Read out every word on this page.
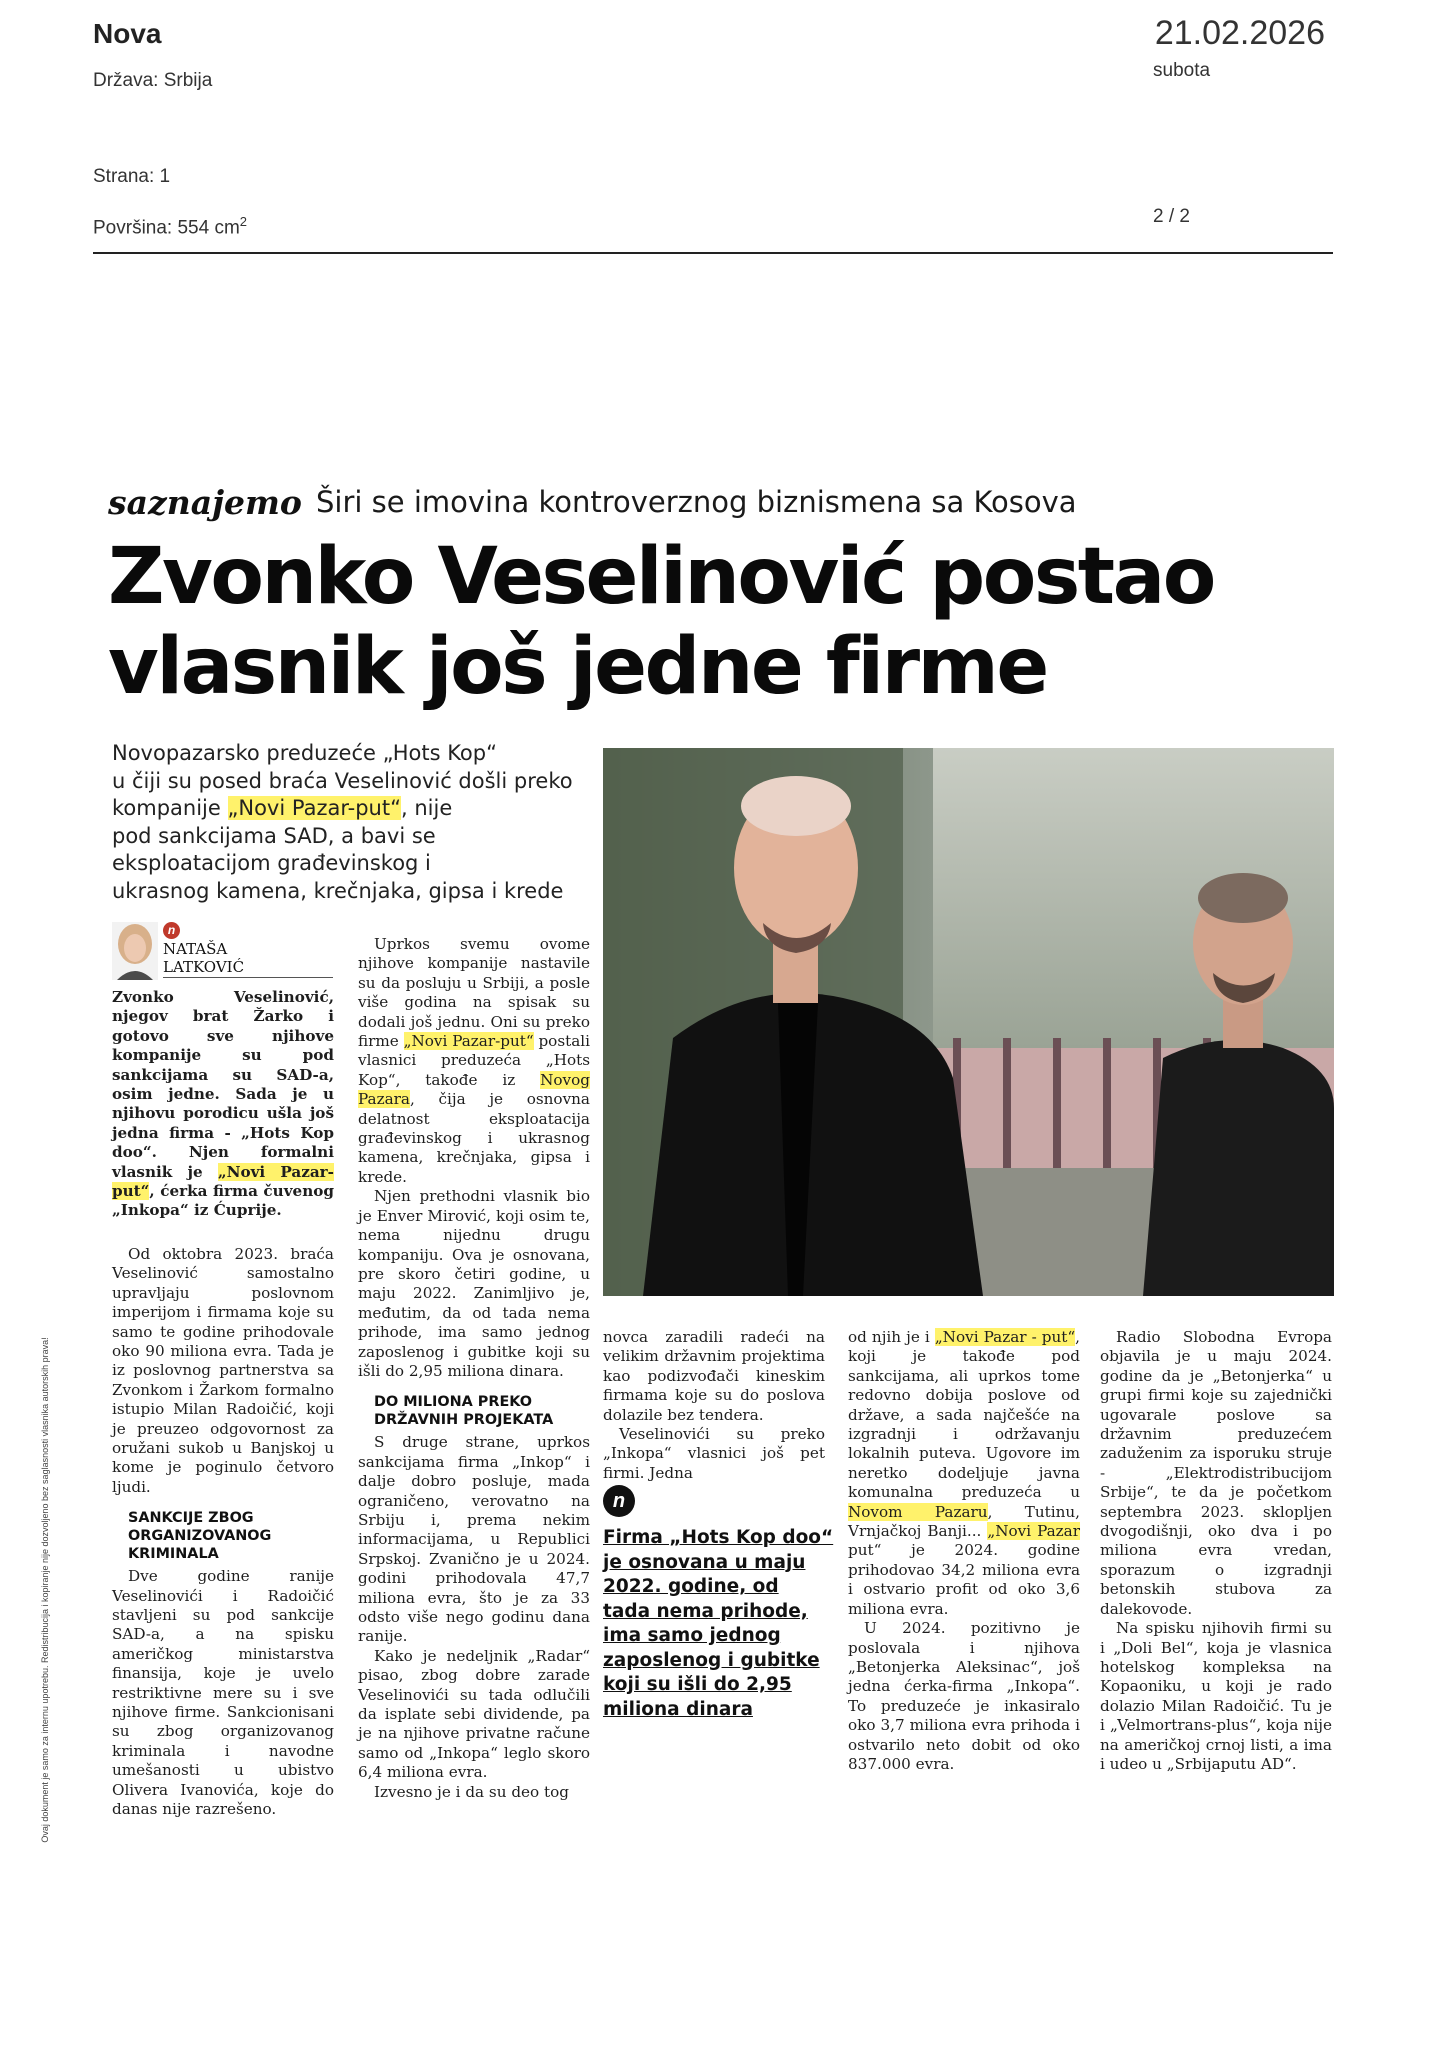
Nova
Država: Srbija
Strana: 1
Površina: 554 $cm^2$
21.02.2026
subota
2 / 2
Ovaj dokument je samo za internu upotrebu. Redistribucija i kopiranje nije dozvoljeno bez saglasnosti vlasnika autorskih prava!
saznajemo Širi se imovina kontroverznog biznismena sa Kosova
Zvonko Veselinović postao
vlasnik još jedne firme
Novopazarsko preduzeće „Hots Kop“
u čiji su posed braća Veselinović došli preko
kompanije „Novi Pazar-put“, nije
pod sankcijama SAD, a bavi se
eksploatacijom građevinskog i
ukrasnog kamena, krečnjaka, gipsa i krede
n
NATAŠA
LATKOVIĆ

Zvonko Veselinović, njegov brat Žarko i gotovo sve njihove kompanije su pod sankcijama su SAD-a, osim jedne. Sada je u njihovu porodicu ušla još jedna firma - „Hots Kop doo“. Njen formalni vlasnik je „Novi Pazar-put“, ćerka firma čuvenog „Inkopa“ iz Ćuprije.

Od oktobra 2023. braća Veselinović samostalno upravljaju poslovnom imperijom i firmama koje su samo te godine prihodovale oko 90 miliona evra. Tada je iz poslovnog partnerstva sa Zvonkom i Žarkom formalno istupio Milan Radoičić, koji je preuzeo odgovornost za oružani sukob u Banjskoj u kome je poginulo četvoro ljudi.

SANKCIJE ZBOG ORGANIZOVANOG KRIMINALA

Dve godine ranije Veselinovići i Radoičić stavljeni su pod sankcije SAD-a, a na spisku američkog ministarstva finansija, koje je uvelo restriktivne mere su i sve njihove firme. Sankcionisani su zbog organizovanog kriminala i navodne umešanosti u ubistvo Olivera Ivanovića, koje do danas nije razrešeno.

Uprkos svemu ovome njihove kompanije nastavile su da posluju u Srbiji, a posle više godina na spisak su dodali još jednu. Oni su preko firme „Novi Pazar-put“ postali vlasnici preduzeća „Hots Kop“, takođe iz Novog Pazara, čija je osnovna delatnost eksploatacija građevinskog i ukrasnog kamena, krečnjaka, gipsa i krede.

Njen prethodni vlasnik bio je Enver Mirović, koji osim te, nema nijednu drugu kompaniju. Ova je osnovana, pre skoro četiri godine, u maju 2022. Zanimljivo je, međutim, da od tada nema prihode, ima samo jednog zaposlenog i gubitke koji su išli do 2,95 miliona dinara.

DO MILIONA PREKO DRŽAVNIH PROJEKATA

S druge strane, uprkos sankcijama firma „Inkop“ i dalje dobro posluje, mada ograničeno, verovatno na Srbiju i, prema nekim informacijama, u Republici Srpskoj. Zvanično je u 2024. godini prihodovala 47,7 miliona evra, što je za 33 odsto više nego godinu dana ranije.

Kako je nedeljnik „Radar“ pisao, zbog dobre zarade Veselinovići su tada odlučili da isplate sebi dividende, pa je na njihove privatne račune samo od „Inkopa“ leglo skoro 6,4 miliona evra.

Izvesno je i da su deo tog

novca zaradili radeći na velikim državnim projektima kao podizvođači kineskim firmama koje su do poslova dolazile bez tendera.

Veselinovići su preko „Inkopa“ vlasnici još pet firmi. Jedna

n
Firma „Hots Kop doo“
je osnovana u maju
2022. godine, od
tada nema prihode,
ima samo jednog
zaposlenog i gubitke
koji su išli do 2,95
miliona dinara

od njih je i „Novi Pazar - put“, koji je takođe pod sankcijama, ali uprkos tome redovno dobija poslove od države, a sada najčešće na izgradnji i održavanju lokalnih puteva. Ugovore im neretko dodeljuje javna komunalna preduzeća u Novom Pazaru, Tutinu, Vrnjačkoj Banji... „Novi Pazar put“ je 2024. godine prihodovao 34,2 miliona evra i ostvario profit od oko 3,6 miliona evra.

U 2024. pozitivno je poslovala i njihova „Betonjerka Aleksinac“, još jedna ćerka-firma „Inkopa“. To preduzeće je inkasiralo oko 3,7 miliona evra prihoda i ostvarilo neto dobit od oko 837.000 evra.

Radio Slobodna Evropa objavila je u maju 2024. godine da je „Betonjerka“ u grupi firmi koje su zajednički ugovarale poslove sa državnim preduzećem zaduženim za isporuku struje - „Elektrodistribucijom Srbije“, te da je početkom septembra 2023. sklopljen dvogodišnji, oko dva i po miliona evra vredan, sporazum o izgradnji betonskih stubova za dalekovode.

Na spisku njihovih firmi su i „Doli Bel“, koja je vlasnica hotelskog kompleksa na Kopaoniku, u koji je rado dolazio Milan Radoičić. Tu je i „Velmortrans-plus“, koja nije na američkoj crnoj listi, a ima i udeo u „Srbijaputu AD“.
